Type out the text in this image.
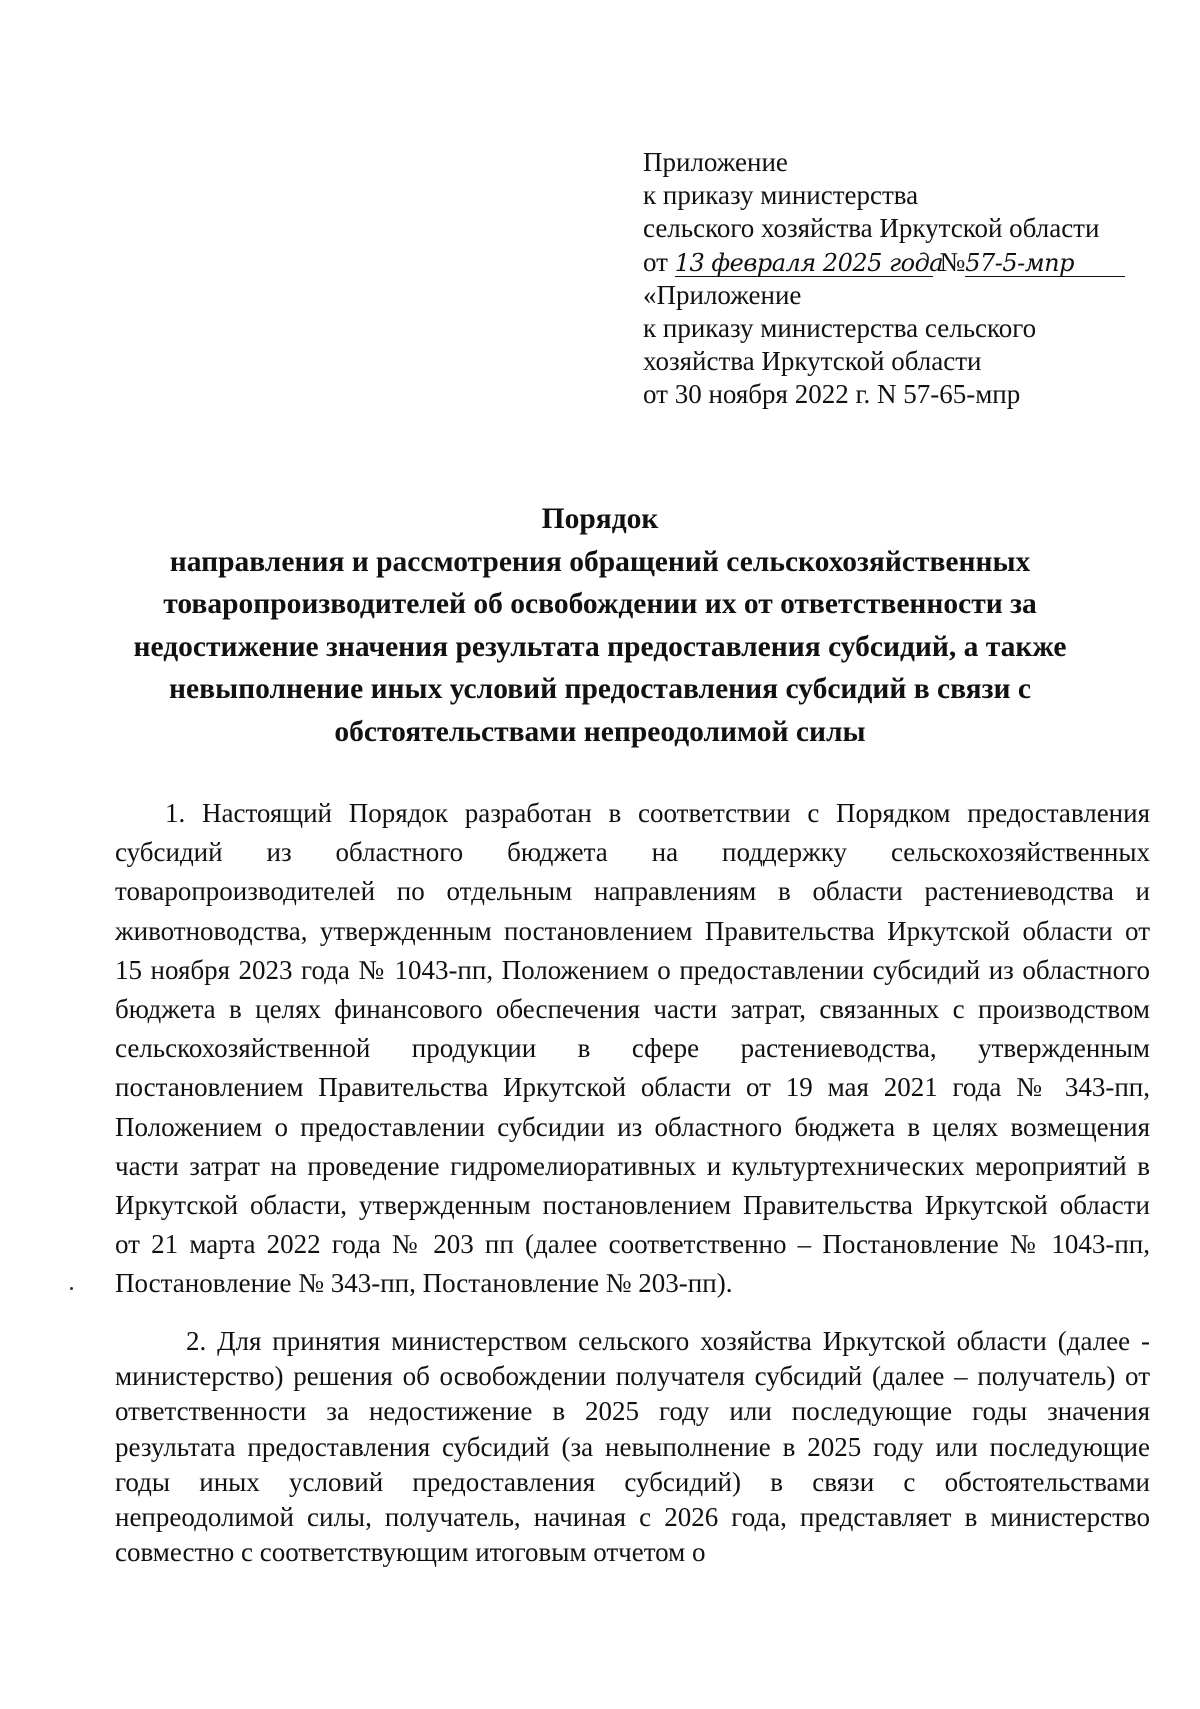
Приложение
к приказу министерства
сельского хозяйства Иркутской области
от 13 февраля 2025 года №57-5-мпр
«Приложение
к приказу министерства сельского
хозяйства Иркутской области
от 30 ноября 2022 г. N 57-65-мпр
Порядок
направления и рассмотрения обращений сельскохозяйственных
товаропроизводителей об освобождении их от ответственности за
недостижение значения результата предоставления субсидий, а также
невыполнение иных условий предоставления субсидий в связи с
обстоятельствами непреодолимой силы

1. Настоящий Порядок разработан в соответствии с Порядком предоставления субсидий из областного бюджета на поддержку сельскохозяйственных товаропроизводителей по отдельным направлениям в области растениеводства и животноводства, утвержденным постановлением Правительства Иркутской области от 15 ноября 2023 года № 1043-пп, Положением о предоставлении субсидий из областного бюджета в целях финансового обеспечения части затрат, связанных с производством сельскохозяйственной продукции в сфере растениеводства, утвержденным постановлением Правительства Иркутской области от 19 мая 2021 года № 343-пп, Положением о предоставлении субсидии из областного бюджета в целях возмещения части затрат на проведение гидромелиоративных и культуртехнических мероприятий в Иркутской области, утвержденным постановлением Правительства Иркутской области от 21 марта 2022 года № 203 пп (далее соответственно – Постановление № 1043-пп, Постановление № 343-пп, Постановление № 203-пп).

2. Для принятия министерством сельского хозяйства Иркутской области (далее - министерство) решения об освобождении получателя субсидий (далее – получатель) от ответственности за недостижение в 2025 году или последующие годы значения результата предоставления субсидий (за невыполнение в 2025 году или последующие годы иных условий предоставления субсидий) в связи с обстоятельствами непреодолимой силы, получатель, начиная с 2026 года, представляет в министерство совместно с соответствующим итоговым отчетом о
